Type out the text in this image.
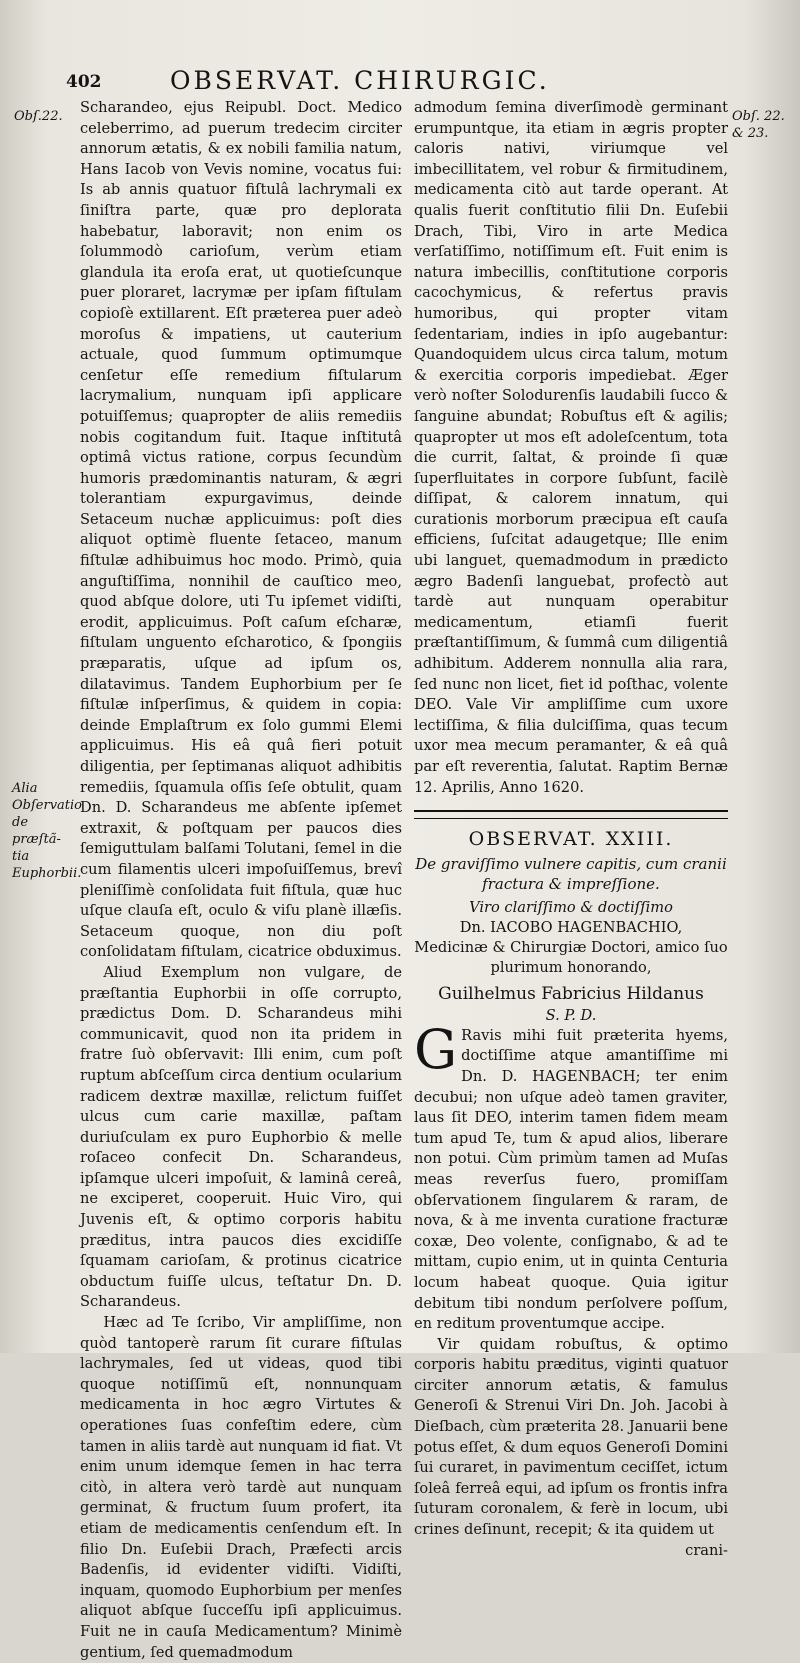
402	OBSERVAT. CHIRURGIC.
Obſ.22.	Obſ. 22. & 23.
Alia Obſervatio de præſtã‐tia Euphorbii.

Scharandeo, ejus Reipubl. Doct. Medico celeberrimo, ad puerum tredecim circiter annorum ætatis, & ex nobili familia natum, Hans Iacob von Vevis nomine, vocatus fui: Is ab annis quatuor fiſtulâ lachrymali ex ſiniſtra parte, quæ pro deplorata habebatur, laboravit; non enim os ſolummodò carioſum, verùm etiam glandula ita eroſa erat, ut quotieſcunque puer ploraret, lacrymæ per ipſam fiſtulam copioſè extillarent. Eſt præterea puer adeò moroſus & impatiens, ut cauterium actuale, quod ſummum optimumque cenſetur eſſe remedium fiſtularum lacrymalium, nunquam ipſi applicare potuiſſemus; quapropter de aliis remediis nobis cogitandum fuit. Itaque inſtitutâ optimâ victus ratione, corpus ſecundùm humoris prædominantis naturam, & ægri tolerantiam expurgavimus, deinde Setaceum nuchæ applicuimus: poſt dies aliquot optimè fluente ſetaceo, manum fiſtulæ adhibuimus hoc modo. Primò, quia anguſtiſſima, nonnihil de cauſtico meo, quod abſque dolore, uti Tu ipſemet vidiſti, erodit, applicuimus. Poſt caſum eſcharæ, fiſtulam unguento eſcharotico, & ſpongiis præparatis, uſque ad ipſum os, dilatavimus. Tandem Euphorbium per ſe fiſtulæ inſperſimus, & quidem in copia: deinde Emplaſtrum ex ſolo gummi Elemi applicuimus. His eâ quâ fieri potuit diligentia, per ſeptimanas aliquot adhibitis remediis, ſquamula oſſis ſeſe obtulit, quam Dn. D. Scharandeus me abſente ipſemet extraxit, & poſtquam per paucos dies ſemiguttulam balſami Tolutani, ſemel in die cum filamentis ulceri impoſuiſſemus, brevî pleniſſimè conſolidata fuit fiſtula, quæ huc uſque clauſa eſt, oculo & viſu planè illæſis. Setaceum quoque, non diu poſt conſolidatam fiſtulam, cicatrice obduximus.

Aliud Exemplum non vulgare, de præſtantia Euphorbii in oſſe corrupto, prædictus Dom. D. Scharandeus mihi communicavit, quod non ita pridem in fratre ſuò obſervavit: Illi enim, cum poſt ruptum abſceſſum circa dentium ocularium radicem dextræ maxillæ, relictum fuiſſet ulcus cum carie maxillæ, paſtam duriuſculam ex puro Euphorbio & melle roſaceo confecit Dn. Scharandeus, ipſamque ulceri impoſuit, & laminâ cereâ, ne exciperet, cooperuit. Huic Viro, qui Juvenis eſt, & optimo corporis habitu præditus, intra paucos dies excidiſſe ſquamam carioſam, & protinus cicatrice obductum fuiſſe ulcus, teſtatur Dn. D. Scharandeus.

Hæc ad Te ſcribo, Vir ampliſſime, non quòd tantoperè rarum ſit curare fiſtulas lachrymales, ſed ut videas, quod tibi quoque notiſſimũ eſt, nonnunquam medicamenta in hoc ægro Virtutes & operationes ſuas confeſtim edere, cùm tamen in aliis tardè aut nunquam id fiat. Vt enim unum idemque ſemen in hac terra citò, in altera verò tardè aut nunquam germinat, & fructum ſuum profert, ita etiam de medicamentis cenſendum eſt. In filio Dn. Euſebii Drach, Præfecti arcis Badenſis, id evidenter vidiſti. Vidiſti, inquam, quomodo Euphorbium per menſes aliquot abſque ſucceſſu ipſi applicuimus. Fuit ne in cauſa Medicamentum? Minimè gentium, ſed quemadmodum

admodum ſemina diverſimodè germinant erumpuntque, ita etiam in ægris propter caloris nativi, viriumque vel imbecillitatem, vel robur & firmitudinem, medicamenta citò aut tarde operant. At qualis fuerit conſtitutio filii Dn. Euſebii Drach, Tibi, Viro in arte Medica verſatiſſimo, notiſſimum eſt. Fuit enim is natura imbecillis, conſtitutione corporis cacochymicus, & refertus pravis humoribus, qui propter vitam ſedentariam, indies in ipſo augebantur: Quandoquidem ulcus circa talum, motum & exercitia corporis impediebat. Æger verò noſter Solodurenſis laudabili ſucco & ſanguine abundat; Robuſtus eſt & agilis; quapropter ut mos eſt adoleſcentum, tota die currit, ſaltat, & proinde ſi quæ ſuperfluitates in corpore ſubſunt, facilè diſſipat, & calorem innatum, qui curationis morborum præcipua eſt cauſa efficiens, ſuſcitat adaugetque; Ille enim ubi languet, quemadmodum in prædicto ægro Badenſi languebat, profectò aut tardè aut nunquam operabitur medicamentum, etiamſi fuerit præſtantiſſimum, & ſummâ cum diligentiâ adhibitum. Adderem nonnulla alia rara, ſed nunc non licet, fiet id poſthac, volente DEO. Vale Vir ampliſſime cum uxore lectiſſima, & filia dulciſſima, quas tecum uxor mea mecum peramanter, & eâ quâ par eſt reverentia, ſalutat. Raptim Bernæ 12. Aprilis, Anno 1620.

OBSERVAT. XXIII.
De graviſſimo vulnere capitis, cum cranii fractura & impreſſione.
Viro clariſſimo & doctiſſimo
Dn. IACOBO HAGENBACHIO,
Medicinæ & Chirurgiæ Doctori, amico ſuo plurimum honorando,
Guilhelmus Fabricius Hildanus
S. P. D.

G Ravis mihi fuit præterita hyems, doctiſſime atque amantiſſime mi Dn. D. HAGENBACH; ter enim decubui; non uſque adeò tamen graviter, laus ſit DEO, interim tamen fidem meam tum apud Te, tum & apud alios, liberare non potui. Cùm primùm tamen ad Muſas meas reverſus fuero, promiſſam obſervationem ſingularem & raram, de nova, & à me inventa curatione fracturæ coxæ, Deo volente, conſignabo, & ad te mittam, cupio enim, ut in quinta Centuria locum habeat quoque. Quia igitur debitum tibi nondum perſolvere poſſum, en reditum proventumque accipe.

Vir quidam robuſtus, & optimo corporis habitu præditus, viginti quatuor circiter annorum ætatis, & famulus Generoſi & Strenui Viri Dn. Joh. Jacobi à Dieſbach, cùm præterita 28. Januarii bene potus eſſet, & dum equos Generoſi Domini ſui curaret, in pavimentum ceciſſet, ictum ſoleâ ferreâ equi, ad ipſum os frontis infra ſuturam coronalem, & ferè in locum, ubi crines deſinunt, recepit; & ita quidem ut

crani-
